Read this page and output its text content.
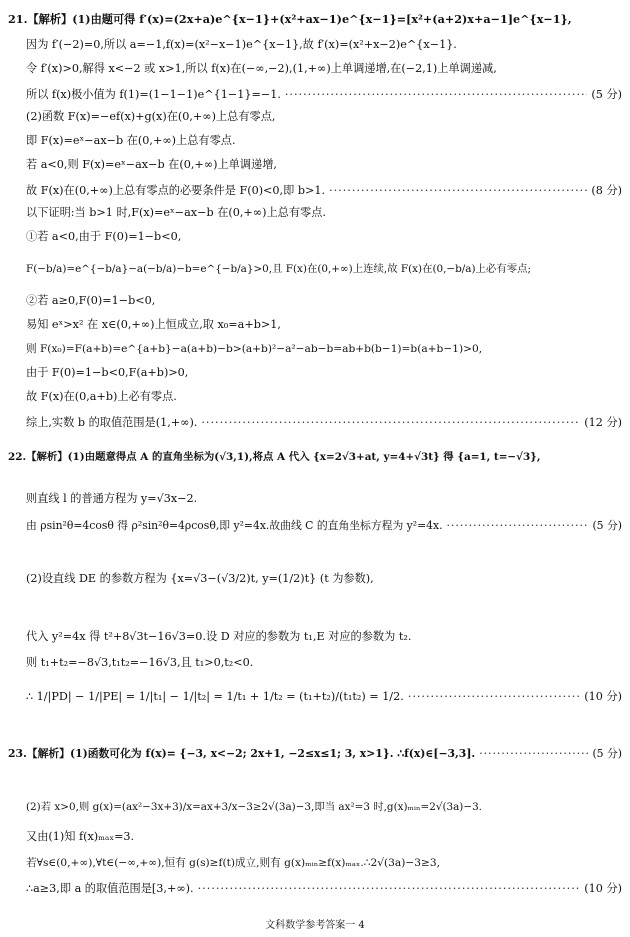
21.【解析】(1)由题可得 f′(x)=(2x+a)e^{x−1}+(x²+ax−1)e^{x−1}=[x²+(a+2)x+a−1]e^{x−1},
因为 f′(−2)=0,所以 a=−1,f(x)=(x²−x−1)e^{x−1},故 f′(x)=(x²+x−2)e^{x−1}.
令 f′(x)>0,解得 x<−2 或 x>1,所以 f(x)在(−∞,−2),(1,+∞)上单调递增,在(−2,1)上单调递减,
所以 f(x)极小值为 f(1)=(1−1−1)e^{1−1}=−1. ·····	(5 分)
(2)函数 F(x)=−ef(x)+g(x)在(0,+∞)上总有零点,
即 F(x)=eˣ−ax−b 在(0,+∞)上总有零点.
若 a<0,则 F(x)=eˣ−ax−b 在(0,+∞)上单调递增,
故 F(x)在(0,+∞)上总有零点的必要条件是 F(0)<0,即 b>1. ·····	(8 分)
以下证明:当 b>1 时,F(x)=eˣ−ax−b 在(0,+∞)上总有零点.
①若 a<0,由于 F(0)=1−b<0,
F(−b/a)=e^{−b/a}−a(−b/a)−b=e^{−b/a}>0,且 F(x)在(0,+∞)上连续,故 F(x)在(0,−b/a)上必有零点;
②若 a≥0,F(0)=1−b<0,
易知 eˣ>x² 在 x∈(0,+∞)上恒成立,取 x₀=a+b>1,
则 F(x₀)=F(a+b)=e^{a+b}−a(a+b)−b>(a+b)²−a²−ab−b=ab+b(b−1)=b(a+b−1)>0,
由于 F(0)=1−b<0,F(a+b)>0,
故 F(x)在(0,a+b)上必有零点.
综上,实数 b 的取值范围是(1,+∞). ·····	(12 分)
22.【解析】(1)由题意得点 A 的直角坐标为(√3,1),将点 A 代入 {x=2√3+at, y=4+√3t} 得 {a=1, t=−√3},
则直线 l 的普通方程为 y=√3x−2.
由 ρsin²θ=4cosθ 得 ρ²sin²θ=4ρcosθ,即 y²=4x.故曲线 C 的直角坐标方程为 y²=4x. ·····	(5 分)
(2)设直线 DE 的参数方程为 {x=√3−(√3/2)t, y=(1/2)t} (t 为参数),
代入 y²=4x 得 t²+8√3t−16√3=0.设 D 对应的参数为 t₁,E 对应的参数为 t₂.
则 t₁+t₂=−8√3,t₁t₂=−16√3,且 t₁>0,t₂<0.
∴ 1/|PD| − 1/|PE| = 1/|t₁| − 1/|t₂| = 1/t₁ + 1/t₂ = (t₁+t₂)/(t₁t₂) = 1/2. ·····	(10 分)
23.【解析】(1)函数可化为 f(x)= {−3, x<−2; 2x+1, −2≤x≤1; 3, x>1}. ∴f(x)∈[−3,3]. ·····	(5 分)
(2)若 x>0,则 g(x)=(ax²−3x+3)/x=ax+3/x−3≥2√(3a)−3,即当 ax²=3 时,g(x)ₘᵢₙ=2√(3a)−3.
又由(1)知 f(x)ₘₐₓ=3.
若∀s∈(0,+∞),∀t∈(−∞,+∞),恒有 g(s)≥f(t)成立,则有 g(x)ₘᵢₙ≥f(x)ₘₐₓ.∴2√(3a)−3≥3,
∴a≥3,即 a 的取值范围是[3,+∞). ·····	(10 分)
文科数学参考答案一 4
